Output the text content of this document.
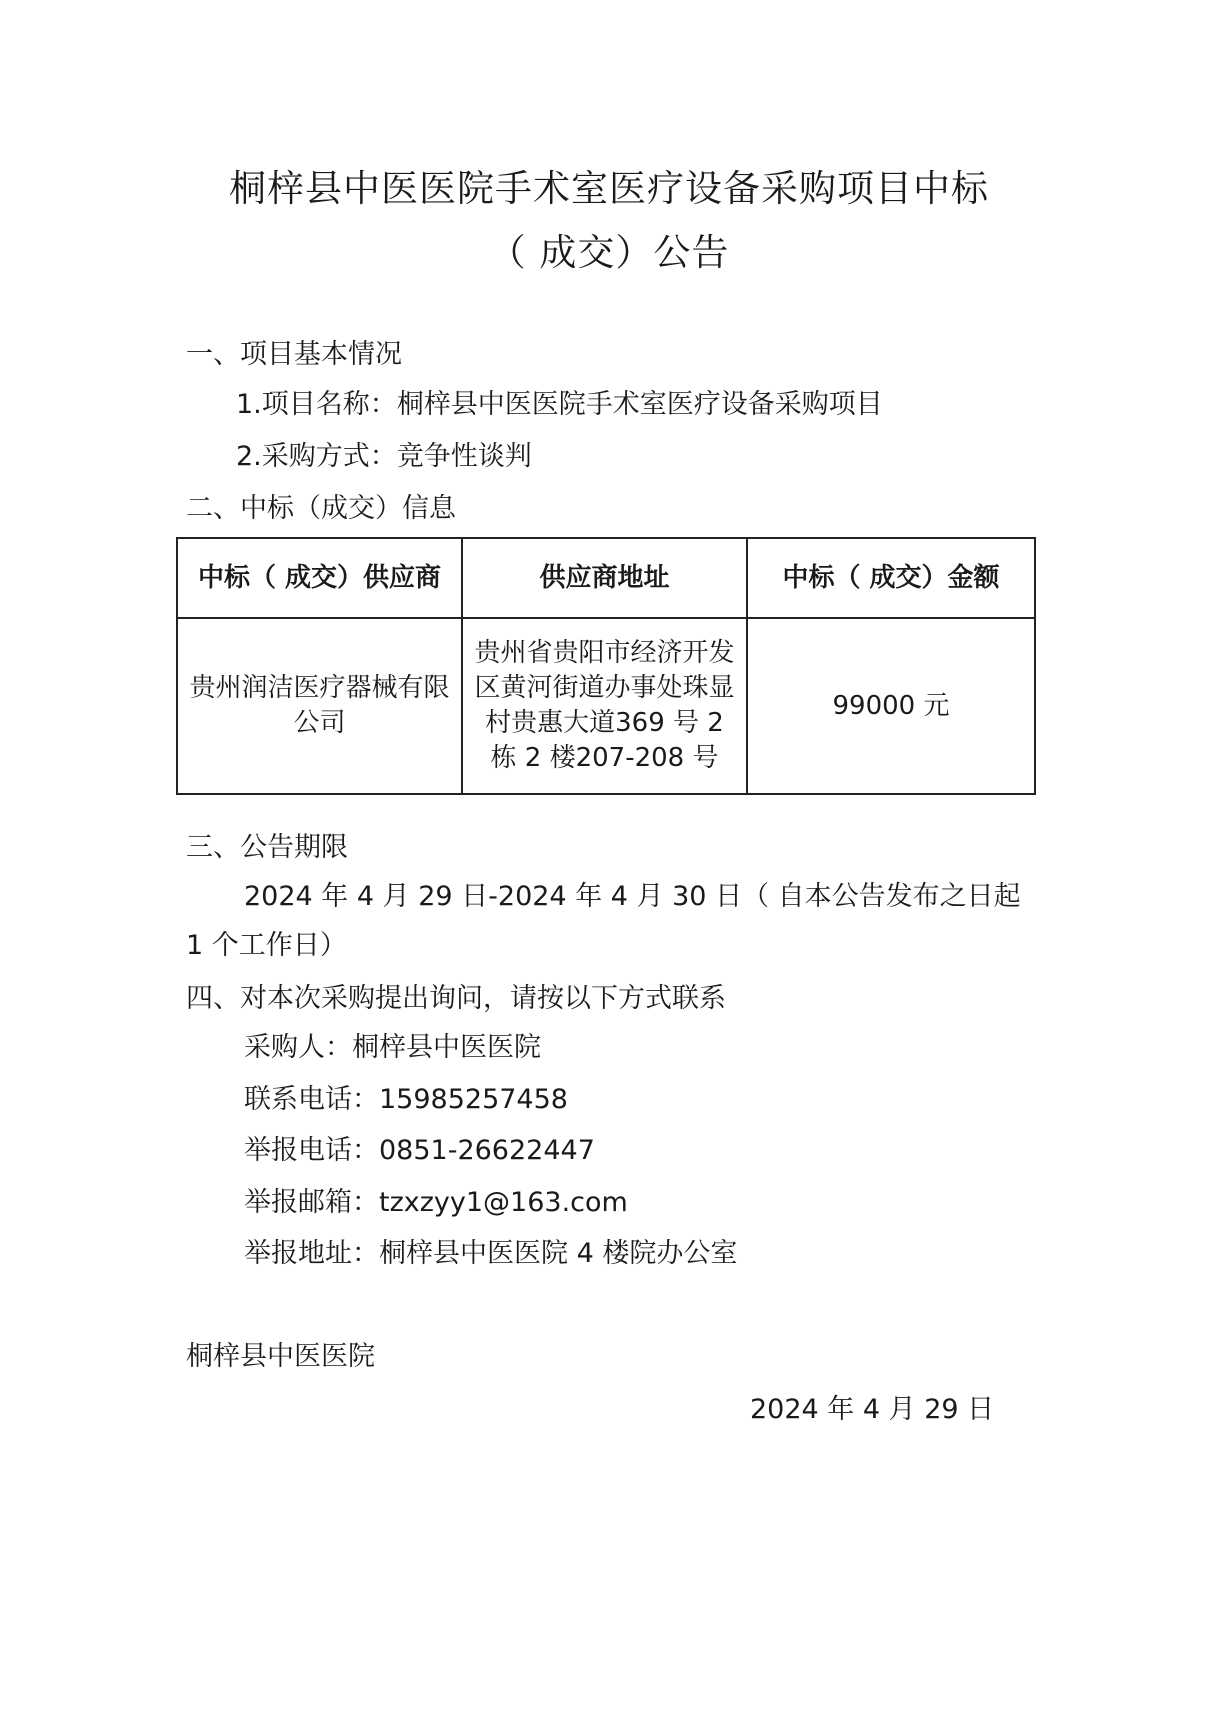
桐梓县中医医院手术室医疗设备采购项目中标
（ 成交）公告
一、项目基本情况
1.项目名称：桐梓县中医医院手术室医疗设备采购项目
2.采购方式：竞争性谈判
二、中标（成交）信息
中标（ 成交）供应商	供应商地址	中标（ 成交）金额
贵州润洁医疗器械有限公司	贵州省贵阳市经济开发区黄河街道办事处珠显村贵惠大道369 号 2 栋 2 楼207-208 号	99000 元
三、公告期限
2024 年 4 月 29 日-2024 年 4 月 30 日（ 自本公告发布之日起
1 个工作日）
四、对本次采购提出询问，请按以下方式联系
采购人：桐梓县中医医院
联系电话：15985257458
举报电话：0851-26622447
举报邮箱：tzxzyy1@163.com
举报地址：桐梓县中医医院 4 楼院办公室
桐梓县中医医院
2024 年 4 月 29 日
